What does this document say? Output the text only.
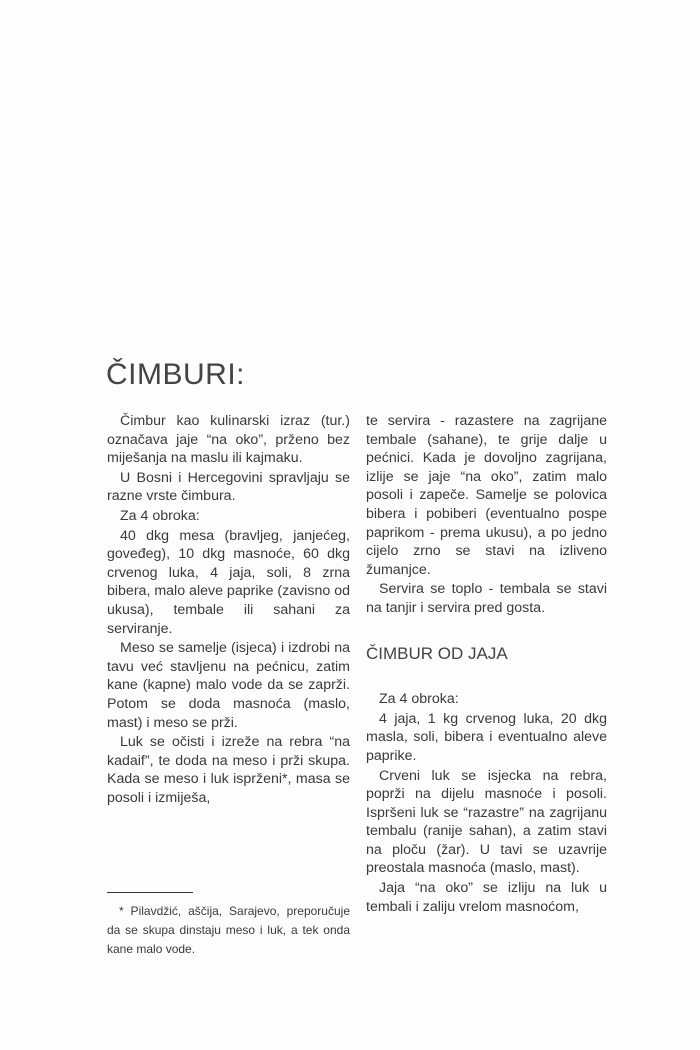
ČIMBURI:

Čimbur kao kulinarski izraz (tur.) označava jaje “na oko”, prženo bez miješanja na maslu ili kajmaku.

U Bosni i Hercegovini spravljaju se razne vrste čimbura.

Za 4 obroka:

40 dkg mesa (bravljeg, janjećeg, goveđeg), 10 dkg masnoće, 60 dkg crvenog luka, 4 jaja, soli, 8 zrna bibera, malo aleve paprike (zavisno od ukusa), tembale ili sahani za serviranje.

Meso se samelje (isjeca) i izdrobi na tavu već stavljenu na pećnicu, zatim kane (kapne) malo vode da se zaprži. Potom se doda masnoća (maslo, mast) i meso se prži.

Luk se očisti i izreže na rebra “na kadaif”, te doda na meso i prži skupa. Kada se meso i luk isprženi*, masa se posoli i izmiješa,

te servira - razastere na zagrijane tembale (sahane), te grije dalje u pećnici. Kada je dovoljno zagrijana, izlije se jaje “na oko”, zatim malo posoli i zapeče. Samelje se polovica bibera i pobiberi (eventualno pospe paprikom - prema ukusu), a po jedno cijelo zrno se stavi na izliveno žumanjce.

Servira se toplo - tembala se stavi na tanjir i servira pred gosta.

ČIMBUR OD JAJA

Za 4 obroka:

4 jaja, 1 kg crvenog luka, 20 dkg masla, soli, bibera i eventualno aleve paprike.

Crveni luk se isjecka na rebra, poprži na dijelu masnoće i posoli. Ispršeni luk se “razastre” na zagrijanu tembalu (ranije sahan), a zatim stavi na ploču (žar). U tavi se uzavrije preostala masnoća (maslo, mast).

Jaja “na oko” se izliju na luk u tembali i zaliju vrelom masnoćom,

* Pilavdžić, aščija, Sarajevo, preporučuje da se skupa dinstaju meso i luk, a tek onda kane malo vode.
